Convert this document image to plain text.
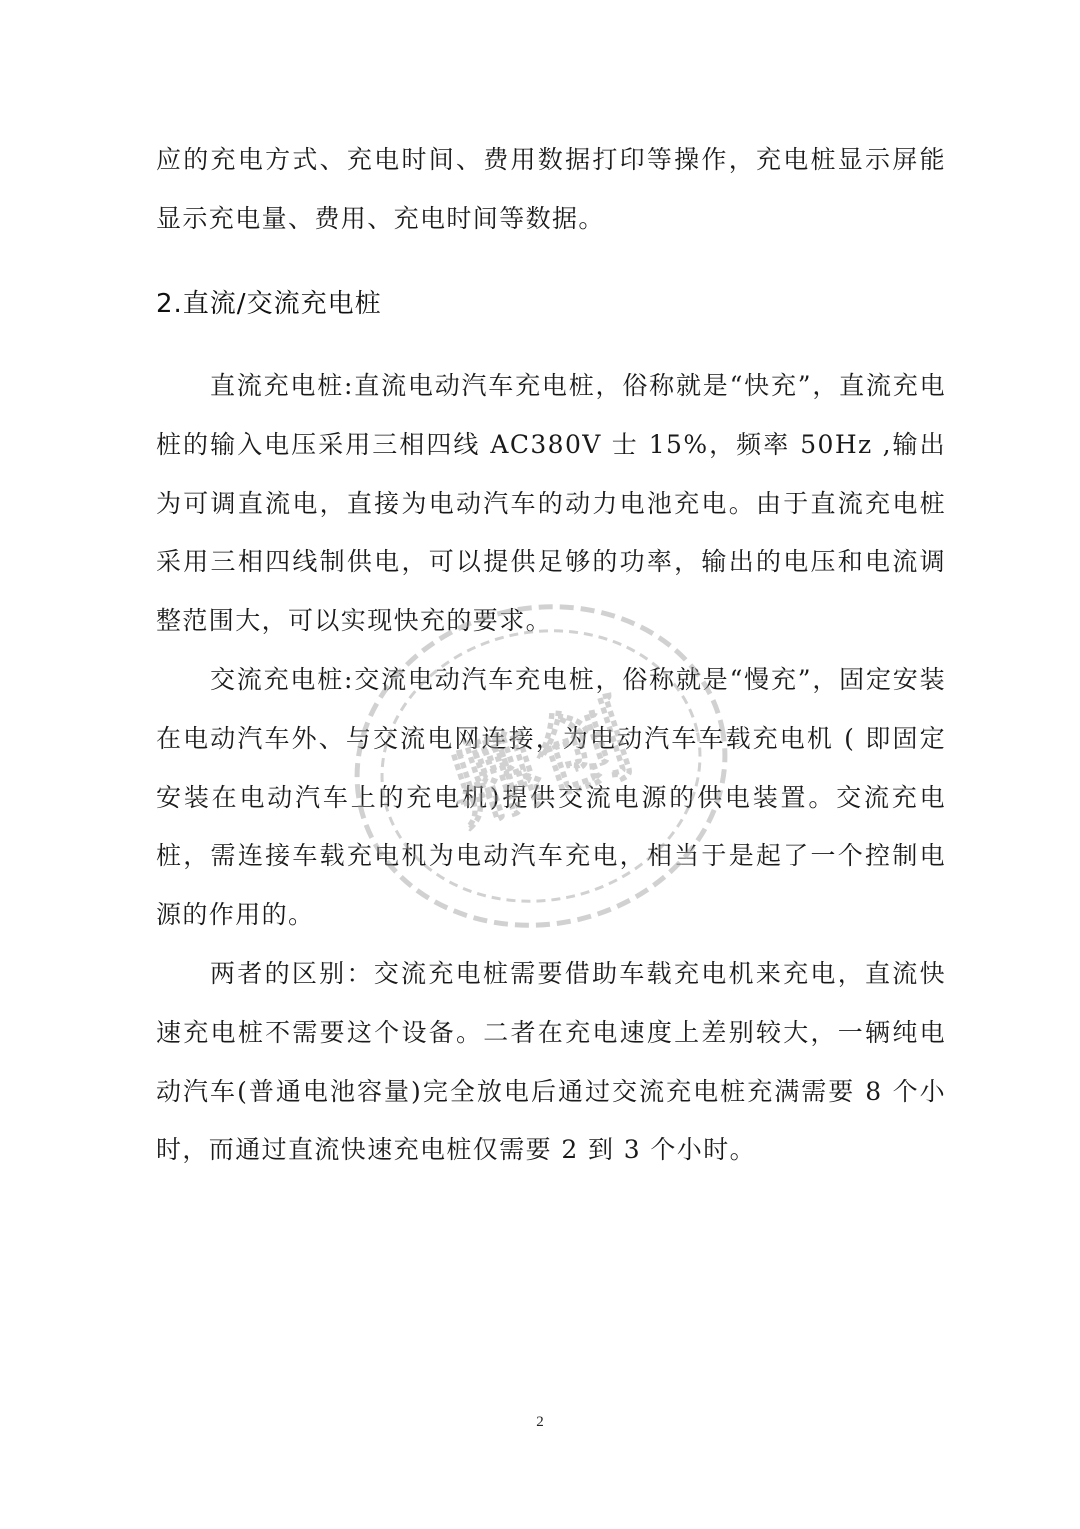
应的充电方式、充电时间、费用数据打印等操作，充电桩显示屏能显示充电量、费用、充电时间等数据。

2.直流/交流充电桩

直流充电桩:直流电动汽车充电桩，俗称就是“快充”，直流充电桩的输入电压采用三相四线 AC380V 士 15%，频率 50Hz ,输出为可调直流电，直接为电动汽车的动力电池充电。由于直流充电桩采用三相四线制供电，可以提供足够的功率，输出的电压和电流调整范围大，可以实现快充的要求。

交流充电桩:交流电动汽车充电桩，俗称就是“慢充”，固定安装在电动汽车外、与交流电网连接，为电动汽车车载充电机 ( 即固定安装在电动汽车上的充电机)提供交流电源的供电装置。交流充电桩，需连接车载充电机为电动汽车充电，相当于是起了一个控制电源的作用的。

两者的区别：交流充电桩需要借助车载充电机来充电，直流快速充电桩不需要这个设备。二者在充电速度上差别较大，一辆纯电动汽车(普通电池容量)完全放电后通过交流充电桩充满需要 8 个小时，而通过直流快速充电桩仅需要 2 到 3 个小时。

2
鼎创
